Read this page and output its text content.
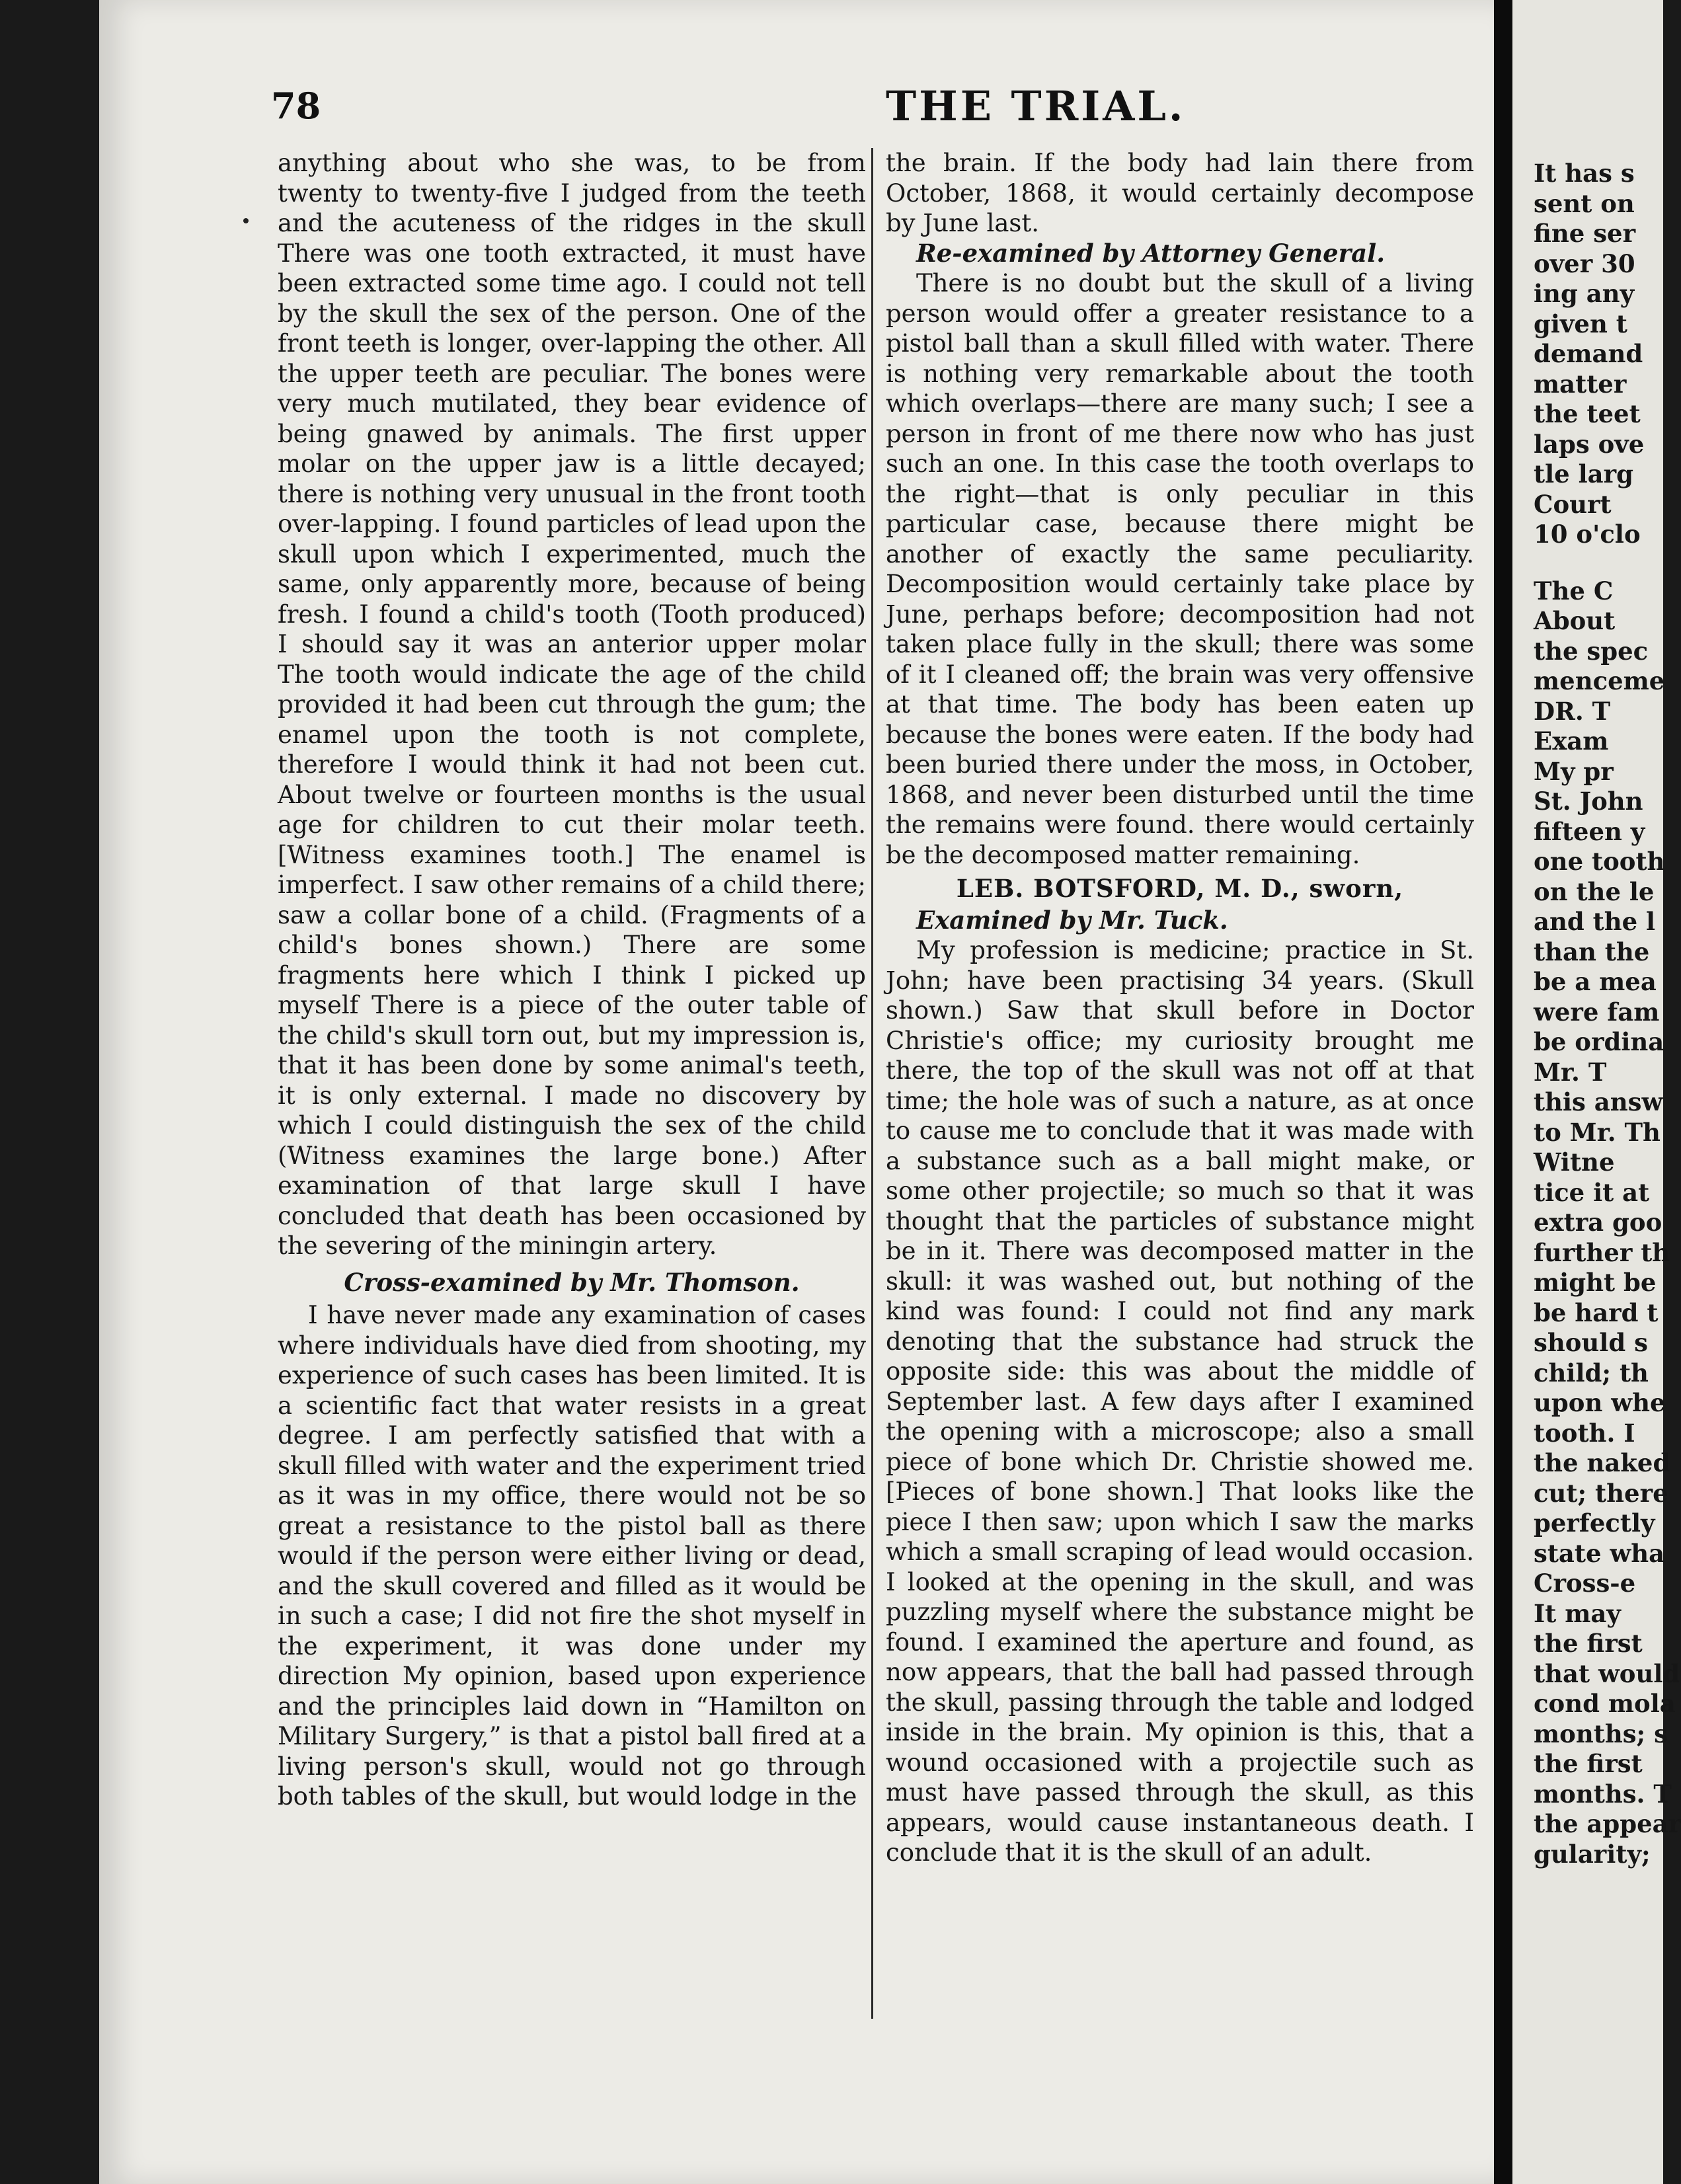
78	THE TRIAL.

anything about who she was, to be from twenty to twenty-five I judged from the teeth and the acuteness of the ridges in the skull There was one tooth extracted, it must have been extracted some time ago. I could not tell by the skull the sex of the person. One of the front teeth is longer, over-lapping the other. All the upper teeth are peculiar. The bones were very much mutilated, they bear evidence of being gnawed by animals. The first upper molar on the upper jaw is a little decayed; there is nothing very unusual in the front tooth over-lapping. I found particles of lead upon the skull upon which I experimented, much the same, only apparently more, because of being fresh. I found a child's tooth (Tooth produced) I should say it was an anterior upper molar The tooth would indicate the age of the child provided it had been cut through the gum; the enamel upon the tooth is not complete, therefore I would think it had not been cut. About twelve or fourteen months is the usual age for children to cut their molar teeth. [Witness examines tooth.] The enamel is imperfect. I saw other remains of a child there; saw a collar bone of a child. (Fragments of a child's bones shown.) There are some fragments here which I think I picked up myself There is a piece of the outer table of the child's skull torn out, but my impression is, that it has been done by some animal's teeth, it is only external. I made no discovery by which I could distinguish the sex of the child (Witness examines the large bone.) After examination of that large skull I have concluded that death has been occasioned by the severing of the miningin artery.

Cross-examined by Mr. Thomson.

I have never made any examination of cases where individuals have died from shooting, my experience of such cases has been limited. It is a scientific fact that water resists in a great degree. I am perfectly satisfied that with a skull filled with water and the experiment tried as it was in my office, there would not be so great a resistance to the pistol ball as there would if the person were either living or dead, and the skull covered and filled as it would be in such a case; I did not fire the shot myself in the experiment, it was done under my direction My opinion, based upon experience and the principles laid down in “Hamilton on Military Surgery,” is that a pistol ball fired at a living person's skull, would not go through both tables of the skull, but would lodge in the

the brain. If the body had lain there from October, 1868, it would certainly decompose by June last.

Re-examined by Attorney General.

There is no doubt but the skull of a living person would offer a greater resistance to a pistol ball than a skull filled with water. There is nothing very remarkable about the tooth which overlaps—there are many such; I see a person in front of me there now who has just such an one. In this case the tooth overlaps to the right—that is only peculiar in this particular case, because there might be another of exactly the same peculiarity. Decomposition would certainly take place by June, perhaps before; decomposition had not taken place fully in the skull; there was some of it I cleaned off; the brain was very offensive at that time. The body has been eaten up because the bones were eaten. If the body had been buried there under the moss, in October, 1868, and never been disturbed until the time the remains were found. there would certainly be the decomposed matter remaining.

LEB. BOTSFORD, M. D., sworn,

Examined by Mr. Tuck.

My profession is medicine; practice in St. John; have been practising 34 years. (Skull shown.) Saw that skull before in Doctor Christie's office; my curiosity brought me there, the top of the skull was not off at that time; the hole was of such a nature, as at once to cause me to conclude that it was made with a substance such as a ball might make, or some other projectile; so much so that it was thought that the particles of substance might be in it. There was decomposed matter in the skull: it was washed out, but nothing of the kind was found: I could not find any mark denoting that the substance had struck the opposite side: this was about the middle of September last. A few days after I examined the opening with a microscope; also a small piece of bone which Dr. Christie showed me. [Pieces of bone shown.] That looks like the piece I then saw; upon which I saw the marks which a small scraping of lead would occasion. I looked at the opening in the skull, and was puzzling myself where the substance might be found. I examined the aperture and found, as now appears, that the ball had passed through the skull, passing through the table and lodged inside in the brain. My opinion is this, that a wound occasioned with a projectile such as must have passed through the skull, as this appears, would cause instantaneous death. I conclude that it is the skull of an adult.

It has s
sent on
fine ser
over 30
ing any
given t
demand
matter
the teet
laps ove
tle larg
Court
10 o'clo
The C
About
the spec
menceme
DR. T
Exam
My pr
St. John
fifteen y
one tooth
on the le
and the l
than the
be a mea
were fam
be ordina
Mr. T
this answ
to Mr. Th
Witne
tice it at
extra goo
further th
might be
be hard t
should s
child; th
upon whe
tooth. I
the naked
cut; there
perfectly
state wha
Cross-e
It may
the first
that would
cond mola
months; s
the first
months. T
the appear
gularity;
